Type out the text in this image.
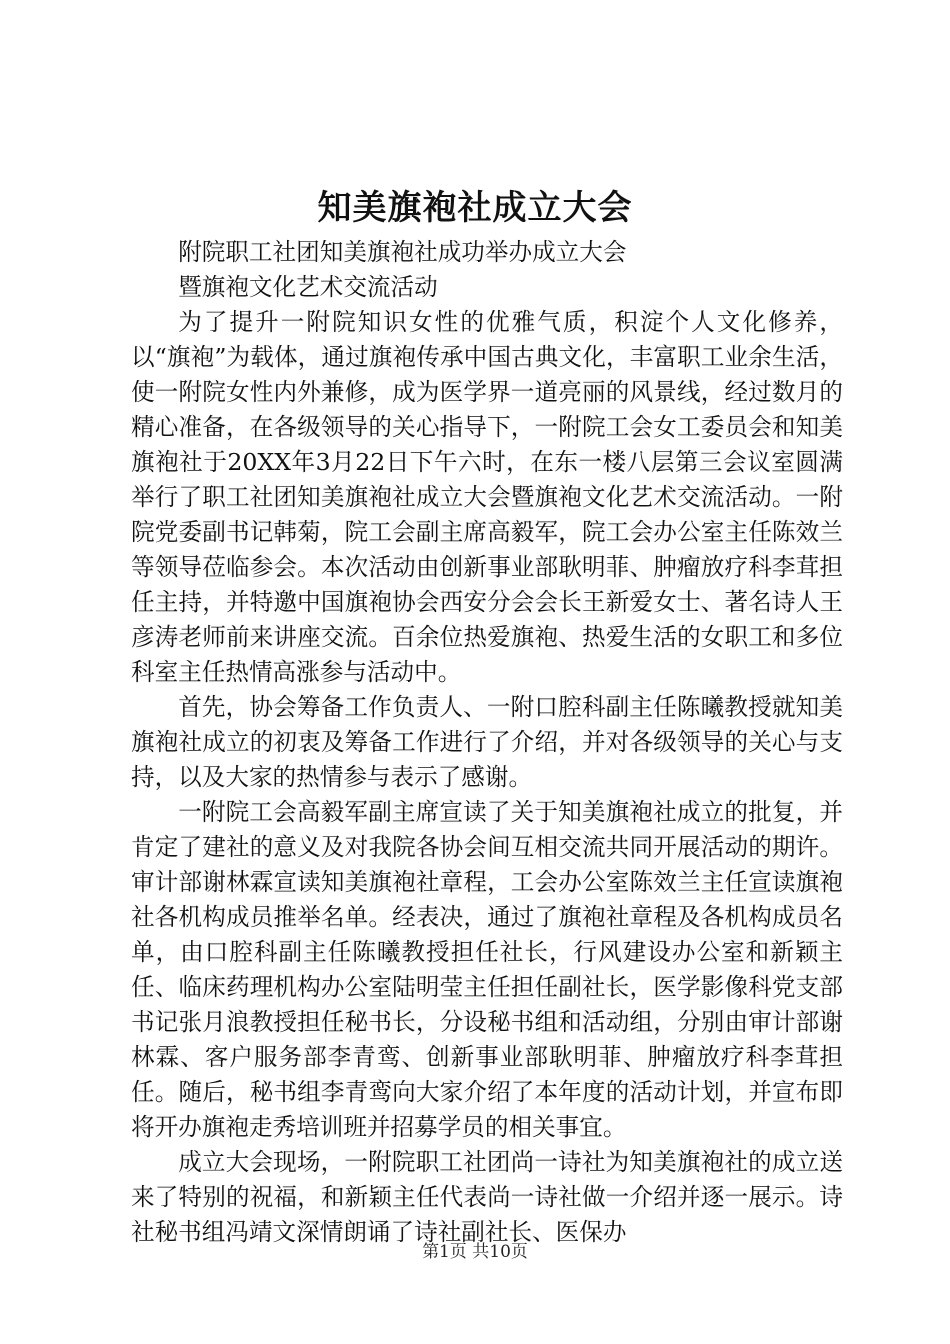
知美旗袍社成立大会

附院职工社团知美旗袍社成功举办成立大会

暨旗袍文化艺术交流活动

为了提升一附院知识女性的优雅气质，积淀个人文化修养，以“旗袍”为载体，通过旗袍传承中国古典文化，丰富职工业余生活，使一附院女性内外兼修，成为医学界一道亮丽的风景线，经过数月的精心准备，在各级领导的关心指导下，一附院工会女工委员会和知美旗袍社于20XX年3月22日下午六时，在东一楼八层第三会议室圆满举行了职工社团知美旗袍社成立大会暨旗袍文化艺术交流活动。一附院党委副书记韩菊，院工会副主席高毅军，院工会办公室主任陈效兰等领导莅临参会。本次活动由创新事业部耿明菲、肿瘤放疗科李茸担任主持，并特邀中国旗袍协会西安分会会长王新爱女士、著名诗人王彦涛老师前来讲座交流。百余位热爱旗袍、热爱生活的女职工和多位科室主任热情高涨参与活动中。

首先，协会筹备工作负责人、一附口腔科副主任陈曦教授就知美旗袍社成立的初衷及筹备工作进行了介绍，并对各级领导的关心与支持，以及大家的热情参与表示了感谢。

一附院工会高毅军副主席宣读了关于知美旗袍社成立的批复，并肯定了建社的意义及对我院各协会间互相交流共同开展活动的期许。审计部谢林霖宣读知美旗袍社章程，工会办公室陈效兰主任宣读旗袍社各机构成员推举名单。经表决，通过了旗袍社章程及各机构成员名单，由口腔科副主任陈曦教授担任社长，行风建设办公室和新颖主任、临床药理机构办公室陆明莹主任担任副社长，医学影像科党支部书记张月浪教授担任秘书长，分设秘书组和活动组，分别由审计部谢林霖、客户服务部李青鸾、创新事业部耿明菲、肿瘤放疗科李茸担任。随后，秘书组李青鸾向大家介绍了本年度的活动计划，并宣布即将开办旗袍走秀培训班并招募学员的相关事宜。

成立大会现场，一附院职工社团尚一诗社为知美旗袍社的成立送来了特别的祝福，和新颖主任代表尚一诗社做一介绍并逐一展示。诗社秘书组冯靖文深情朗诵了诗社副社长、医保办

第1页 共10页
